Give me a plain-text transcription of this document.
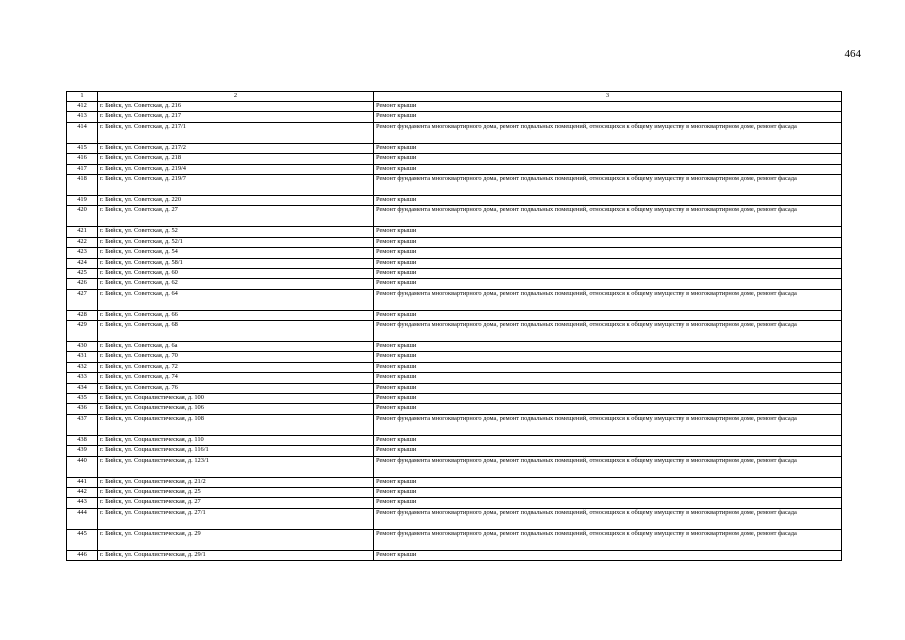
464
1	2	3
412	г. Бийск, ул. Советская, д. 216	Ремонт крыши
413	г. Бийск, ул. Советская, д. 217	Ремонт крыши
414	г. Бийск, ул. Советская, д. 217/1	Ремонт фундамента многоквартирного дома, ремонт подвальных помещений, относящихся к общему имуществу в многоквартирном доме, ремонт фасада
415	г. Бийск, ул. Советская, д. 217/2	Ремонт крыши
416	г. Бийск, ул. Советская, д. 218	Ремонт крыши
417	г. Бийск, ул. Советская, д. 219/4	Ремонт крыши
418	г. Бийск, ул. Советская, д. 219/7	Ремонт фундамента многоквартирного дома, ремонт подвальных помещений, относящихся к общему имуществу в многоквартирном доме, ремонт фасада
419	г. Бийск, ул. Советская, д. 220	Ремонт крыши
420	г. Бийск, ул. Советская, д. 27	Ремонт фундамента многоквартирного дома, ремонт подвальных помещений, относящихся к общему имуществу в многоквартирном доме, ремонт фасада
421	г. Бийск, ул. Советская, д. 52	Ремонт крыши
422	г. Бийск, ул. Советская, д. 52/1	Ремонт крыши
423	г. Бийск, ул. Советская, д. 54	Ремонт крыши
424	г. Бийск, ул. Советская, д. 58/1	Ремонт крыши
425	г. Бийск, ул. Советская, д. 60	Ремонт крыши
426	г. Бийск, ул. Советская, д. 62	Ремонт крыши
427	г. Бийск, ул. Советская, д. 64	Ремонт фундамента многоквартирного дома, ремонт подвальных помещений, относящихся к общему имуществу в многоквартирном доме, ремонт фасада
428	г. Бийск, ул. Советская, д. 66	Ремонт крыши
429	г. Бийск, ул. Советская, д. 68	Ремонт фундамента многоквартирного дома, ремонт подвальных помещений, относящихся к общему имуществу в многоквартирном доме, ремонт фасада
430	г. Бийск, ул. Советская, д. 6а	Ремонт крыши
431	г. Бийск, ул. Советская, д. 70	Ремонт крыши
432	г. Бийск, ул. Советская, д. 72	Ремонт крыши
433	г. Бийск, ул. Советская, д. 74	Ремонт крыши
434	г. Бийск, ул. Советская, д. 76	Ремонт крыши
435	г. Бийск, ул. Социалистическая, д. 100	Ремонт крыши
436	г. Бийск, ул. Социалистическая, д. 106	Ремонт крыши
437	г. Бийск, ул. Социалистическая, д. 108	Ремонт фундамента многоквартирного дома, ремонт подвальных помещений, относящихся к общему имуществу в многоквартирном доме, ремонт фасада
438	г. Бийск, ул. Социалистическая, д. 110	Ремонт крыши
439	г. Бийск, ул. Социалистическая, д. 116/1	Ремонт крыши
440	г. Бийск, ул. Социалистическая, д. 123/1	Ремонт фундамента многоквартирного дома, ремонт подвальных помещений, относящихся к общему имуществу в многоквартирном доме, ремонт фасада
441	г. Бийск, ул. Социалистическая, д. 21/2	Ремонт крыши
442	г. Бийск, ул. Социалистическая, д. 25	Ремонт крыши
443	г. Бийск, ул. Социалистическая, д. 27	Ремонт крыши
444	г. Бийск, ул. Социалистическая, д. 27/1	Ремонт фундамента многоквартирного дома, ремонт подвальных помещений, относящихся к общему имуществу в многоквартирном доме, ремонт фасада
445	г. Бийск, ул. Социалистическая, д. 29	Ремонт фундамента многоквартирного дома, ремонт подвальных помещений, относящихся к общему имуществу в многоквартирном доме, ремонт фасада
446	г. Бийск, ул. Социалистическая, д. 29/1	Ремонт крыши
